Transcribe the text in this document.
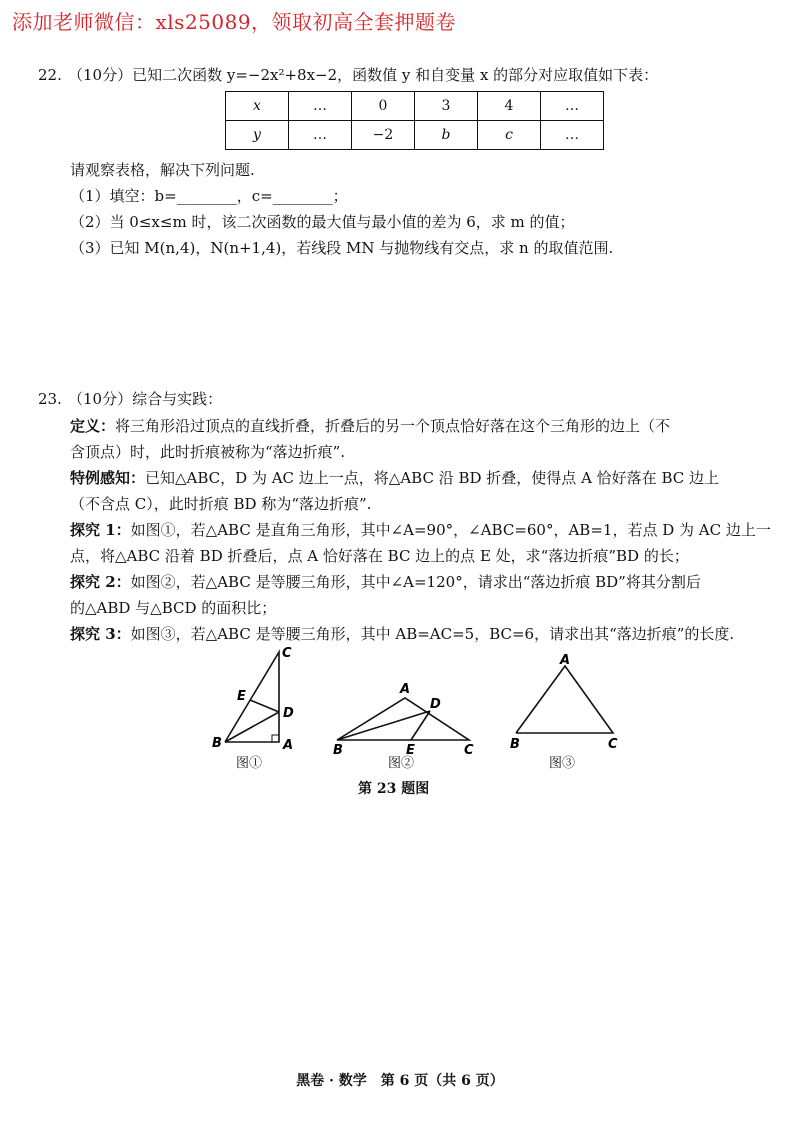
添加老师微信：xls25089，领取初高全套押题卷
22. （10分）已知二次函数 y=−2x²+8x−2，函数值 y 和自变量 x 的部分对应取值如下表：
x	…	0	3	4	…
y	…	−2	b	c	…
请观察表格，解决下列问题.
（1）填空：b=________，c=________；
（2）当 0≤x≤m 时，该二次函数的最大值与最小值的差为 6，求 m 的值；
（3）已知 M(n,4)，N(n+1,4)，若线段 MN 与抛物线有交点，求 n 的取值范围.
23. （10分）综合与实践：
定义：将三角形沿过顶点的直线折叠，折叠后的另一个顶点恰好落在这个三角形的边上（不
含顶点）时，此时折痕被称为“落边折痕”.
特例感知：已知△ABC，D 为 AC 边上一点，将△ABC 沿 BD 折叠，使得点 A 恰好落在 BC 边上
（不含点 C），此时折痕 BD 称为“落边折痕”.
探究 1：如图①，若△ABC 是直角三角形，其中∠A=90°，∠ABC=60°，AB=1，若点 D 为 AC 边上一
点，将△ABC 沿着 BD 折叠后，点 A 恰好落在 BC 边上的点 E 处，求“落边折痕”BD 的长；
探究 2：如图②，若△ABC 是等腰三角形，其中∠A=120°，请求出“落边折痕 BD”将其分割后
的△ABD 与△BCD 的面积比；
探究 3：如图③，若△ABC 是等腰三角形，其中 AB=AC=5，BC=6，请求出其“落边折痕”的长度.
C
E
D
B	A
A
D
B	E	C
A
B	C
图①	图②	图③
第 23 题图
黑卷 · 数学　第 6 页（共 6 页）
